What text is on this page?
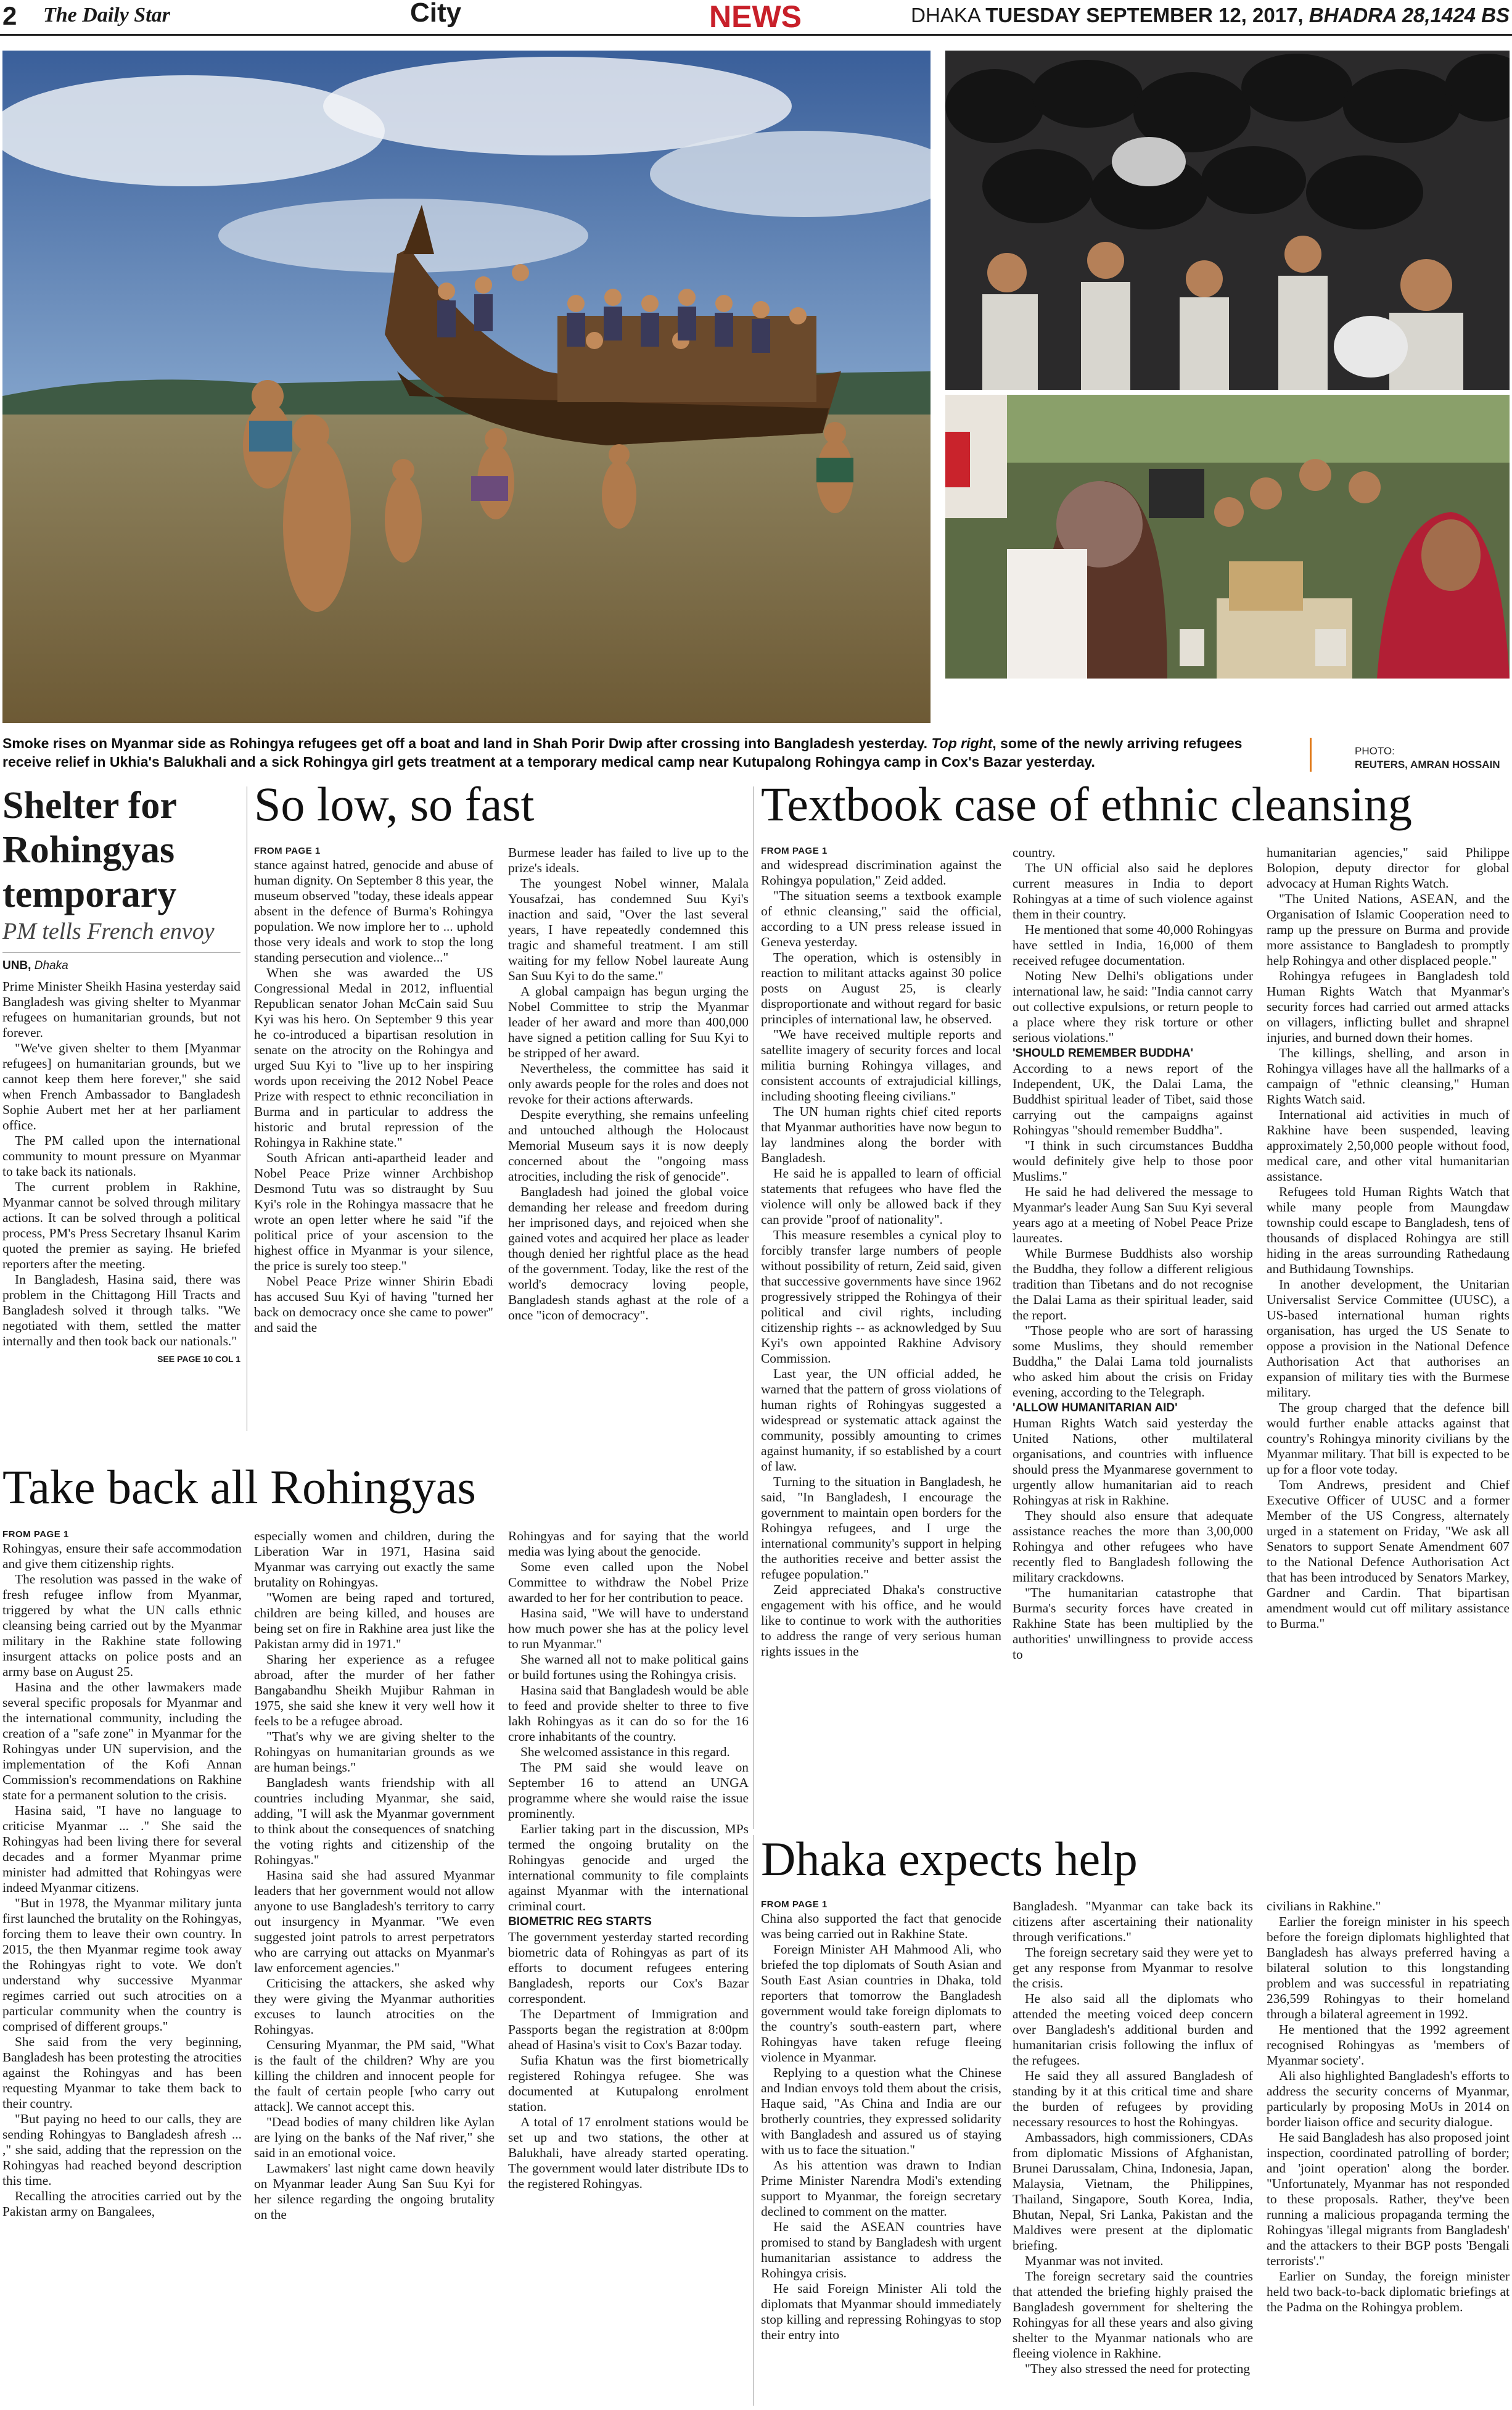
2 The Daily Star	City	NEWS	DHAKA TUESDAY SEPTEMBER 12, 2017, BHADRA 28,1424 BS
Smoke rises on Myanmar side as Rohingya refugees get off a boat and land in Shah Porir Dwip after crossing into Bangladesh yesterday. Top right, some of the newly arriving refugees receive relief in Ukhia's Balukhali and a sick Rohingya girl gets treatment at a temporary medical camp near Kutupalong Rohingya camp in Cox's Bazar yesterday.
PHOTO:
REUTERS, AMRAN HOSSAIN
Shelter for
Rohingyas
temporary
PM tells French envoy
UNB, Dhaka

Prime Minister Sheikh Hasina yesterday said Bangladesh was giving shelter to Myanmar refugees on humanitarian grounds, but not forever.

"We've given shelter to them [Myanmar refugees] on humanitarian grounds, but we cannot keep them here forever," she said when French Ambassador to Bangladesh Sophie Aubert met her at her parliament office.

The PM called upon the international community to mount pressure on Myanmar to take back its nationals.

The current problem in Rakhine, Myanmar cannot be solved through military actions. It can be solved through a political process, PM's Press Secretary Ihsanul Karim quoted the premier as saying. He briefed reporters after the meeting.

In Bangladesh, Hasina said, there was problem in the Chittagong Hill Tracts and Bangladesh solved it through talks. "We negotiated with them, settled the matter internally and then took back our nationals."

SEE PAGE 10 COL 1
So low, so fast
FROM PAGE 1

stance against hatred, genocide and abuse of human dignity. On September 8 this year, the museum observed "today, these ideals appear absent in the defence of Burma's Rohingya population. We now implore her to ... uphold those very ideals and work to stop the long standing persecution and violence..."

When she was awarded the US Congressional Medal in 2012, influential Republican senator Johan McCain said Suu Kyi was his hero. On September 9 this year he co-introduced a bipartisan resolution in senate on the atrocity on the Rohingya and urged Suu Kyi to "live up to her inspiring words upon receiving the 2012 Nobel Peace Prize with respect to ethnic reconciliation in Burma and in particular to address the historic and brutal repression of the Rohingya in Rakhine state."

South African anti-apartheid leader and Nobel Peace Prize winner Archbishop Desmond Tutu was so distraught by Suu Kyi's role in the Rohingya massacre that he wrote an open letter where he said "if the political price of your ascension to the highest office in Myanmar is your silence, the price is surely too steep."

Nobel Peace Prize winner Shirin Ebadi has accused Suu Kyi of having "turned her back on democracy once she came to power" and said the

Burmese leader has failed to live up to the prize's ideals.

The youngest Nobel winner, Malala Yousafzai, has condemned Suu Kyi's inaction and said, "Over the last several years, I have repeatedly condemned this tragic and shameful treatment. I am still waiting for my fellow Nobel laureate Aung San Suu Kyi to do the same."

A global campaign has begun urging the Nobel Committee to strip the Myanmar leader of her award and more than 400,000 have signed a petition calling for Suu Kyi to be stripped of her award.

Nevertheless, the committee has said it only awards people for the roles and does not revoke for their actions afterwards.

Despite everything, she remains unfeeling and untouched although the Holocaust Memorial Museum says it is now deeply concerned about the "ongoing mass atrocities, including the risk of genocide".

Bangladesh had joined the global voice demanding her release and freedom during her imprisoned days, and rejoiced when she gained votes and acquired her place as leader though denied her rightful place as the head of the government. Today, like the rest of the world's democracy loving people, Bangladesh stands aghast at the role of a once "icon of democracy".

Textbook case of ethnic cleansing
FROM PAGE 1

and widespread discrimination against the Rohingya population," Zeid added.

"The situation seems a textbook example of ethnic cleansing," said the official, according to a UN press release issued in Geneva yesterday.

The operation, which is ostensibly in reaction to militant attacks against 30 police posts on August 25, is clearly disproportionate and without regard for basic principles of international law, he observed.

"We have received multiple reports and satellite imagery of security forces and local militia burning Rohingya villages, and consistent accounts of extrajudicial killings, including shooting fleeing civilians."

The UN human rights chief cited reports that Myanmar authorities have now begun to lay landmines along the border with Bangladesh.

He said he is appalled to learn of official statements that refugees who have fled the violence will only be allowed back if they can provide "proof of nationality".

This measure resembles a cynical ploy to forcibly transfer large numbers of people without possibility of return, Zeid said, given that successive governments have since 1962 progressively stripped the Rohingya of their political and civil rights, including citizenship rights -- as acknowledged by Suu Kyi's own appointed Rakhine Advisory Commission.

Last year, the UN official added, he warned that the pattern of gross violations of human rights of Rohingyas suggested a widespread or systematic attack against the community, possibly amounting to crimes against humanity, if so established by a court of law.

Turning to the situation in Bangladesh, he said, "In Bangladesh, I encourage the government to maintain open borders for the Rohingya refugees, and I urge the international community's support in helping the authorities receive and better assist the refugee population."

Zeid appreciated Dhaka's constructive engagement with his office, and he would like to continue to work with the authorities to address the range of very serious human rights issues in the

country.

The UN official also said he deplores current measures in India to deport Rohingyas at a time of such violence against them in their country.

He mentioned that some 40,000 Rohingyas have settled in India, 16,000 of them received refugee documentation.

Noting New Delhi's obligations under international law, he said: "India cannot carry out collective expulsions, or return people to a place where they risk torture or other serious violations."

'SHOULD REMEMBER BUDDHA'

According to a news report of the Independent, UK, the Dalai Lama, the Buddhist spiritual leader of Tibet, said those carrying out the campaigns against Rohingyas "should remember Buddha".

"I think in such circumstances Buddha would definitely give help to those poor Muslims."

He said he had delivered the message to Myanmar's leader Aung San Suu Kyi several years ago at a meeting of Nobel Peace Prize laureates.

While Burmese Buddhists also worship the Buddha, they follow a different religious tradition than Tibetans and do not recognise the Dalai Lama as their spiritual leader, said the report.

"Those people who are sort of harassing some Muslims, they should remember Buddha," the Dalai Lama told journalists who asked him about the crisis on Friday evening, according to the Telegraph.

'ALLOW HUMANITARIAN AID'

Human Rights Watch said yesterday the United Nations, other multilateral organisations, and countries with influence should press the Myanmarese government to urgently allow humanitarian aid to reach Rohingyas at risk in Rakhine.

They should also ensure that adequate assistance reaches the more than 3,00,000 Rohingya and other refugees who have recently fled to Bangladesh following the military crackdowns.

"The humanitarian catastrophe that Burma's security forces have created in Rakhine State has been multiplied by the authorities' unwillingness to provide access to

humanitarian agencies," said Philippe Bolopion, deputy director for global advocacy at Human Rights Watch.

"The United Nations, ASEAN, and the Organisation of Islamic Cooperation need to ramp up the pressure on Burma and provide more assistance to Bangladesh to promptly help Rohingya and other displaced people."

Rohingya refugees in Bangladesh told Human Rights Watch that Myanmar's security forces had carried out armed attacks on villagers, inflicting bullet and shrapnel injuries, and burned down their homes.

The killings, shelling, and arson in Rohingya villages have all the hallmarks of a campaign of "ethnic cleansing," Human Rights Watch said.

International aid activities in much of Rakhine have been suspended, leaving approximately 2,50,000 people without food, medical care, and other vital humanitarian assistance.

Refugees told Human Rights Watch that while many people from Maungdaw township could escape to Bangladesh, tens of thousands of displaced Rohingya are still hiding in the areas surrounding Rathedaung and Buthidaung Townships.

In another development, the Unitarian Universalist Service Committee (UUSC), a US-based international human rights organisation, has urged the US Senate to oppose a provision in the National Defence Authorisation Act that authorises an expansion of military ties with the Burmese military.

The group charged that the defence bill would further enable attacks against that country's Rohingya minority civilians by the Myanmar military. That bill is expected to be up for a floor vote today.

Tom Andrews, president and Chief Executive Officer of UUSC and a former Member of the US Congress, alternately urged in a statement on Friday, "We ask all Senators to support Senate Amendment 607 to the National Defence Authorisation Act that has been introduced by Senators Markey, Gardner and Cardin. That bipartisan amendment would cut off military assistance to Burma."

Take back all Rohingyas
FROM PAGE 1

Rohingyas, ensure their safe accommodation and give them citizenship rights.

The resolution was passed in the wake of fresh refugee inflow from Myanmar, triggered by what the UN calls ethnic cleansing being carried out by the Myanmar military in the Rakhine state following insurgent attacks on police posts and an army base on August 25.

Hasina and the other lawmakers made several specific proposals for Myanmar and the international community, including the creation of a "safe zone" in Myanmar for the Rohingyas under UN supervision, and the implementation of the Kofi Annan Commission's recommendations on Rakhine state for a permanent solution to the crisis.

Hasina said, "I have no language to criticise Myanmar ... ." She said the Rohingyas had been living there for several decades and a former Myanmar prime minister had admitted that Rohingyas were indeed Myanmar citizens.

"But in 1978, the Myanmar military junta first launched the brutality on the Rohingyas, forcing them to leave their own country. In 2015, the then Myanmar regime took away the Rohingyas right to vote. We don't understand why successive Myanmar regimes carried out such atrocities on a particular community when the country is comprised of different groups."

She said from the very beginning, Bangladesh has been protesting the atrocities against the Rohingyas and has been requesting Myanmar to take them back to their country.

"But paying no heed to our calls, they are sending Rohingyas to Bangladesh afresh ... ," she said, adding that the repression on the Rohingyas had reached beyond description this time.

Recalling the atrocities carried out by the Pakistan army on Bangalees,

especially women and children, during the Liberation War in 1971, Hasina said Myanmar was carrying out exactly the same brutality on Rohingyas.

"Women are being raped and tortured, children are being killed, and houses are being set on fire in Rakhine area just like the Pakistan army did in 1971."

Sharing her experience as a refugee abroad, after the murder of her father Bangabandhu Sheikh Mujibur Rahman in 1975, she said she knew it very well how it feels to be a refugee abroad.

"That's why we are giving shelter to the Rohingyas on humanitarian grounds as we are human beings."

Bangladesh wants friendship with all countries including Myanmar, she said, adding, "I will ask the Myanmar government to think about the consequences of snatching the voting rights and citizenship of the Rohingyas."

Hasina said she had assured Myanmar leaders that her government would not allow anyone to use Bangladesh's territory to carry out insurgency in Myanmar. "We even suggested joint patrols to arrest perpetrators who are carrying out attacks on Myanmar's law enforcement agencies."

Criticising the attackers, she asked why they were giving the Myanmar authorities excuses to launch atrocities on the Rohingyas.

Censuring Myanmar, the PM said, "What is the fault of the children? Why are you killing the children and innocent people for the fault of certain people [who carry out attack]. We cannot accept this.

"Dead bodies of many children like Aylan are lying on the banks of the Naf river," she said in an emotional voice.

Lawmakers' last night came down heavily on Myanmar leader Aung San Suu Kyi for her silence regarding the ongoing brutality on the

Rohingyas and for saying that the world media was lying about the genocide.

Some even called upon the Nobel Committee to withdraw the Nobel Prize awarded to her for her contribution to peace.

Hasina said, "We will have to understand how much power she has at the policy level to run Myanmar."

She warned all not to make political gains or build fortunes using the Rohingya crisis.

Hasina said that Bangladesh would be able to feed and provide shelter to three to five lakh Rohingyas as it can do so for the 16 crore inhabitants of the country.

She welcomed assistance in this regard.

The PM said she would leave on September 16 to attend an UNGA programme where she would raise the issue prominently.

Earlier taking part in the discussion, MPs termed the ongoing brutality on the Rohingyas genocide and urged the international community to file complaints against Myanmar with the international criminal court.

BIOMETRIC REG STARTS

The government yesterday started recording biometric data of Rohingyas as part of its efforts to document refugees entering Bangladesh, reports our Cox's Bazar correspondent.

The Department of Immigration and Passports began the registration at 8:00pm ahead of Hasina's visit to Cox's Bazar today.

Sufia Khatun was the first biometrically registered Rohingya refugee. She was documented at Kutupalong enrolment station.

A total of 17 enrolment stations would be set up and two stations, the other at Balukhali, have already started operating. The government would later distribute IDs to the registered Rohingyas.

Dhaka expects help
FROM PAGE 1

China also supported the fact that genocide was being carried out in Rakhine State.

Foreign Minister AH Mahmood Ali, who briefed the top diplomats of South Asian and South East Asian countries in Dhaka, told reporters that tomorrow the Bangladesh government would take foreign diplomats to the country's south-eastern part, where Rohingyas have taken refuge fleeing violence in Myanmar.

Replying to a question what the Chinese and Indian envoys told them about the crisis, Haque said, "As China and India are our brotherly countries, they expressed solidarity with Bangladesh and assured us of staying with us to face the situation."

As his attention was drawn to Indian Prime Minister Narendra Modi's extending support to Myanmar, the foreign secretary declined to comment on the matter.

He said the ASEAN countries have promised to stand by Bangladesh with urgent humanitarian assistance to address the Rohingya crisis.

He said Foreign Minister Ali told the diplomats that Myanmar should immediately stop killing and repressing Rohingyas to stop their entry into

Bangladesh. "Myanmar can take back its citizens after ascertaining their nationality through verifications."

The foreign secretary said they were yet to get any response from Myanmar to resolve the crisis.

He also said all the diplomats who attended the meeting voiced deep concern over Bangladesh's additional burden and humanitarian crisis following the influx of the refugees.

He said they all assured Bangladesh of standing by it at this critical time and share the burden of refugees by providing necessary resources to host the Rohingyas.

Ambassadors, high commissioners, CDAs from diplomatic Missions of Afghanistan, Brunei Darussalam, China, Indonesia, Japan, Malaysia, Vietnam, the Philippines, Thailand, Singapore, South Korea, India, Bhutan, Nepal, Sri Lanka, Pakistan and the Maldives were present at the diplomatic briefing.

Myanmar was not invited.

The foreign secretary said the countries that attended the briefing highly praised the Bangladesh government for sheltering the Rohingyas for all these years and also giving shelter to the Myanmar nationals who are fleeing violence in Rakhine.

"They also stressed the need for protecting

civilians in Rakhine."

Earlier the foreign minister in his speech before the foreign diplomats highlighted that Bangladesh has always preferred having a bilateral solution to this longstanding problem and was successful in repatriating 236,599 Rohingyas to their homeland through a bilateral agreement in 1992.

He mentioned that the 1992 agreement recognised Rohingyas as 'members of Myanmar society'.

Ali also highlighted Bangladesh's efforts to address the security concerns of Myanmar, particularly by proposing MoUs in 2014 on border liaison office and security dialogue.

He said Bangladesh has also proposed joint inspection, coordinated patrolling of border; and 'joint operation' along the border. "Unfortunately, Myanmar has not responded to these proposals. Rather, they've been running a malicious propaganda terming the Rohingyas 'illegal migrants from Bangladesh' and the attackers to their BGP posts 'Bengali terrorists'."

Earlier on Sunday, the foreign minister held two back-to-back diplomatic briefings at the Padma on the Rohingya problem.
